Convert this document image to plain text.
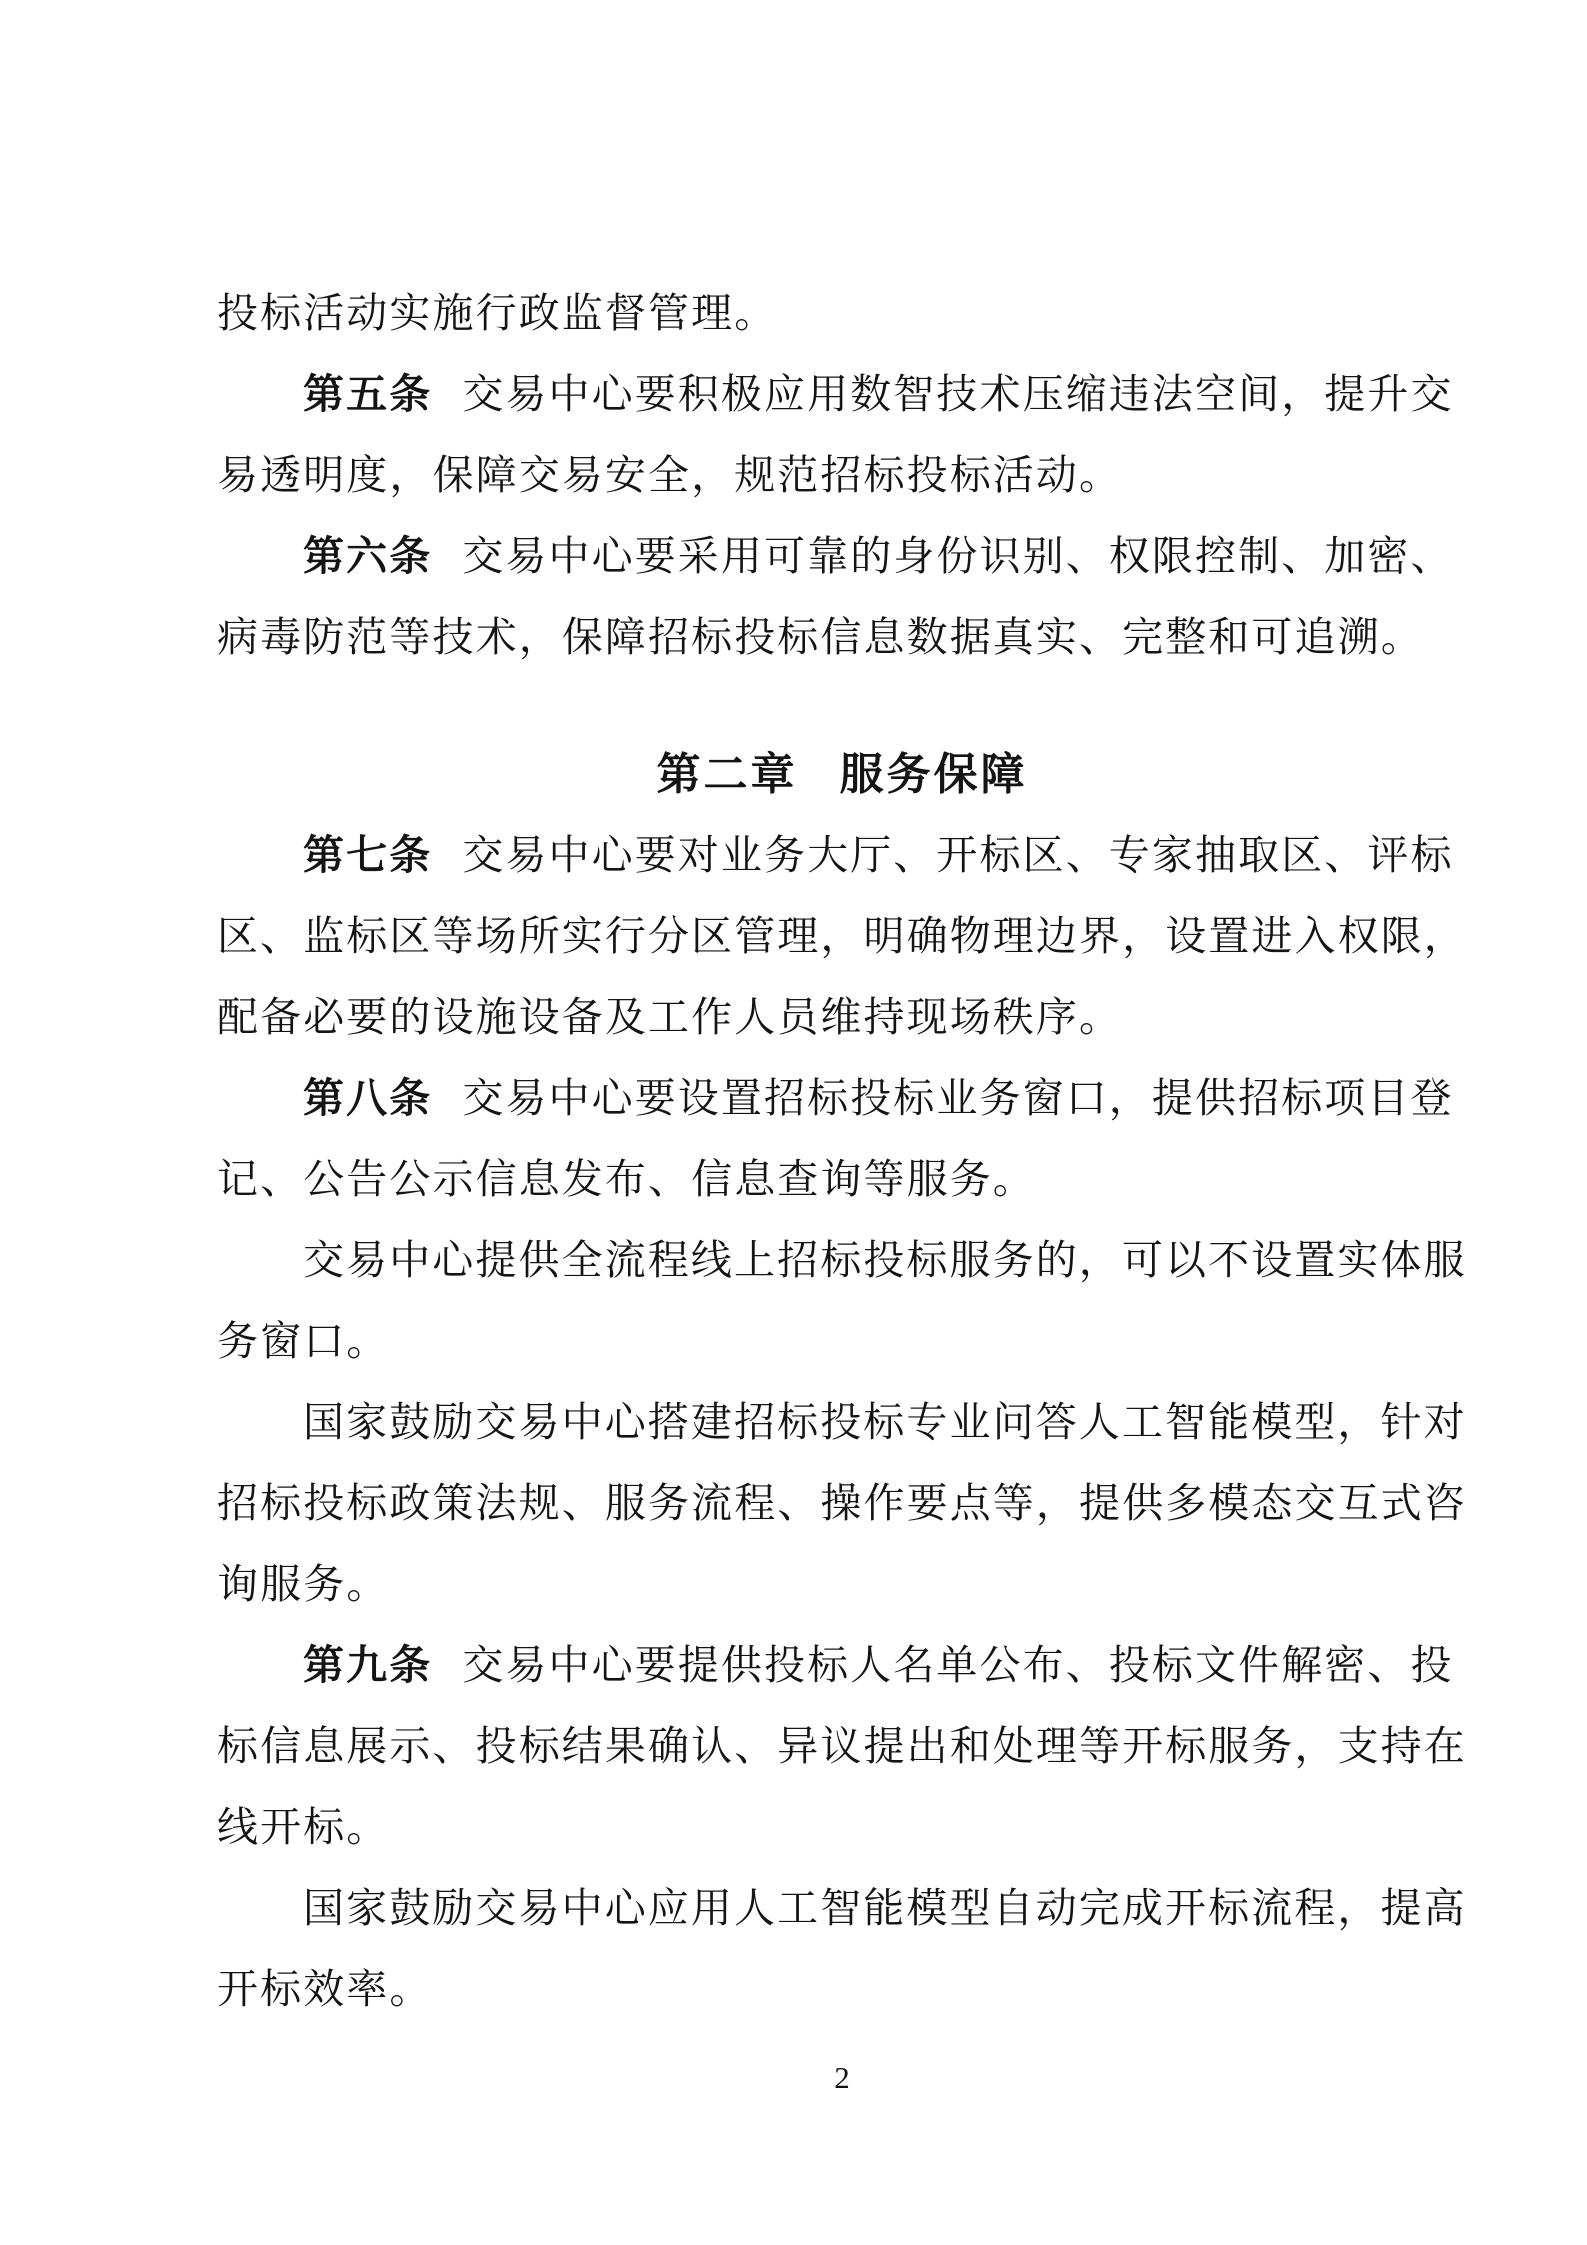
投标活动实施行政监督管理。
第五条 交易中心要积极应用数智技术压缩违法空间，提升交
易透明度，保障交易安全，规范招标投标活动。
第六条 交易中心要采用可靠的身份识别、权限控制、加密、
病毒防范等技术，保障招标投标信息数据真实、完整和可追溯。
第二章 服务保障
第七条 交易中心要对业务大厅、开标区、专家抽取区、评标
区、监标区等场所实行分区管理，明确物理边界，设置进入权限，
配备必要的设施设备及工作人员维持现场秩序。
第八条 交易中心要设置招标投标业务窗口，提供招标项目登
记、公告公示信息发布、信息查询等服务。
交易中心提供全流程线上招标投标服务的，可以不设置实体服
务窗口。
国家鼓励交易中心搭建招标投标专业问答人工智能模型，针对
招标投标政策法规、服务流程、操作要点等，提供多模态交互式咨
询服务。
第九条 交易中心要提供投标人名单公布、投标文件解密、投
标信息展示、投标结果确认、异议提出和处理等开标服务，支持在
线开标。
国家鼓励交易中心应用人工智能模型自动完成开标流程，提高
开标效率。
2
